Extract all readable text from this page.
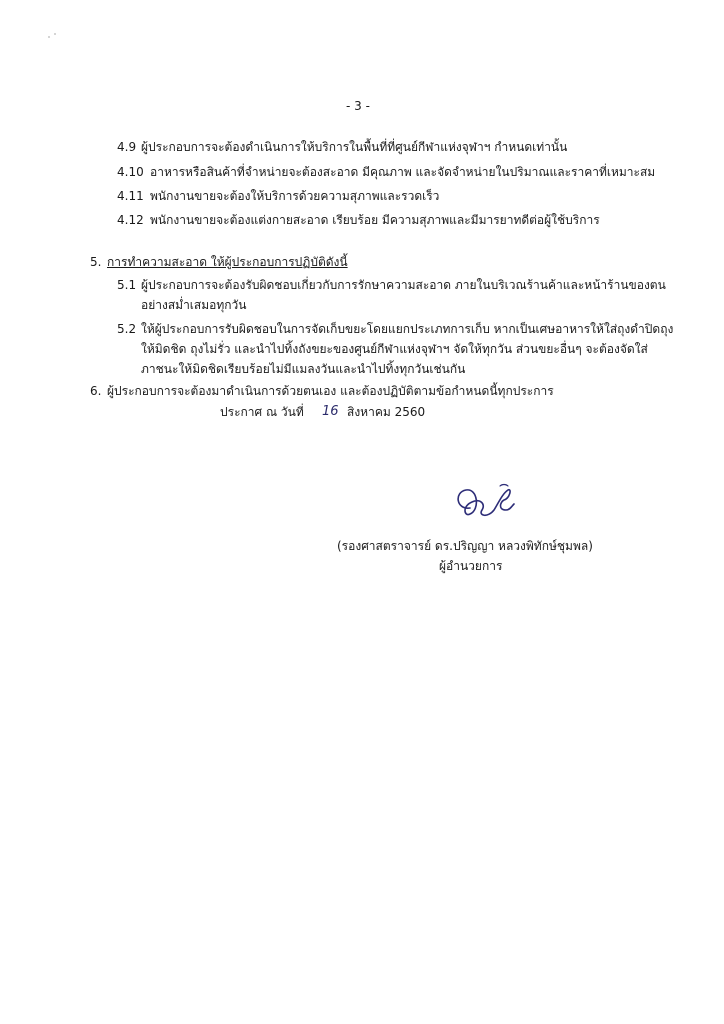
- 3 -
4.9 ผู้ประกอบการจะต้องดำเนินการให้บริการในพื้นที่ที่ศูนย์กีฬาแห่งจุฬาฯ กำหนดเท่านั้น
4.10 อาหารหรือสินค้าที่จำหน่ายจะต้องสะอาด มีคุณภาพ และจัดจำหน่ายในปริมาณและราคาที่เหมาะสม
4.11 พนักงานขายจะต้องให้บริการด้วยความสุภาพและรวดเร็ว
4.12 พนักงานขายจะต้องแต่งกายสะอาด เรียบร้อย มีความสุภาพและมีมารยาทดีต่อผู้ใช้บริการ
5. การทำความสะอาด ให้ผู้ประกอบการปฏิบัติดังนี้
5.1 ผู้ประกอบการจะต้องรับผิดชอบเกี่ยวกับการรักษาความสะอาด ภายในบริเวณร้านค้าและหน้าร้านของตน
อย่างสม่ำเสมอทุกวัน
5.2 ให้ผู้ประกอบการรับผิดชอบในการจัดเก็บขยะโดยแยกประเภทการเก็บ หากเป็นเศษอาหารให้ใส่ถุงดำปิดถุง
ให้มิดชิด ถุงไม่รั่ว และนำไปทิ้งถังขยะของศูนย์กีฬาแห่งจุฬาฯ จัดให้ทุกวัน ส่วนขยะอื่นๆ จะต้องจัดใส่
ภาชนะให้มิดชิดเรียบร้อยไม่มีแมลงวันและนำไปทิ้งทุกวันเช่นกัน
6. ผู้ประกอบการจะต้องมาดำเนินการด้วยตนเอง และต้องปฏิบัติตามข้อกำหนดนี้ทุกประการ
ประกาศ ณ วันที่ 16 สิงหาคม 2560
(รองศาสตราจารย์ ดร.ปริญญา หลวงพิทักษ์ชุมพล)
ผู้อำนวยการ
